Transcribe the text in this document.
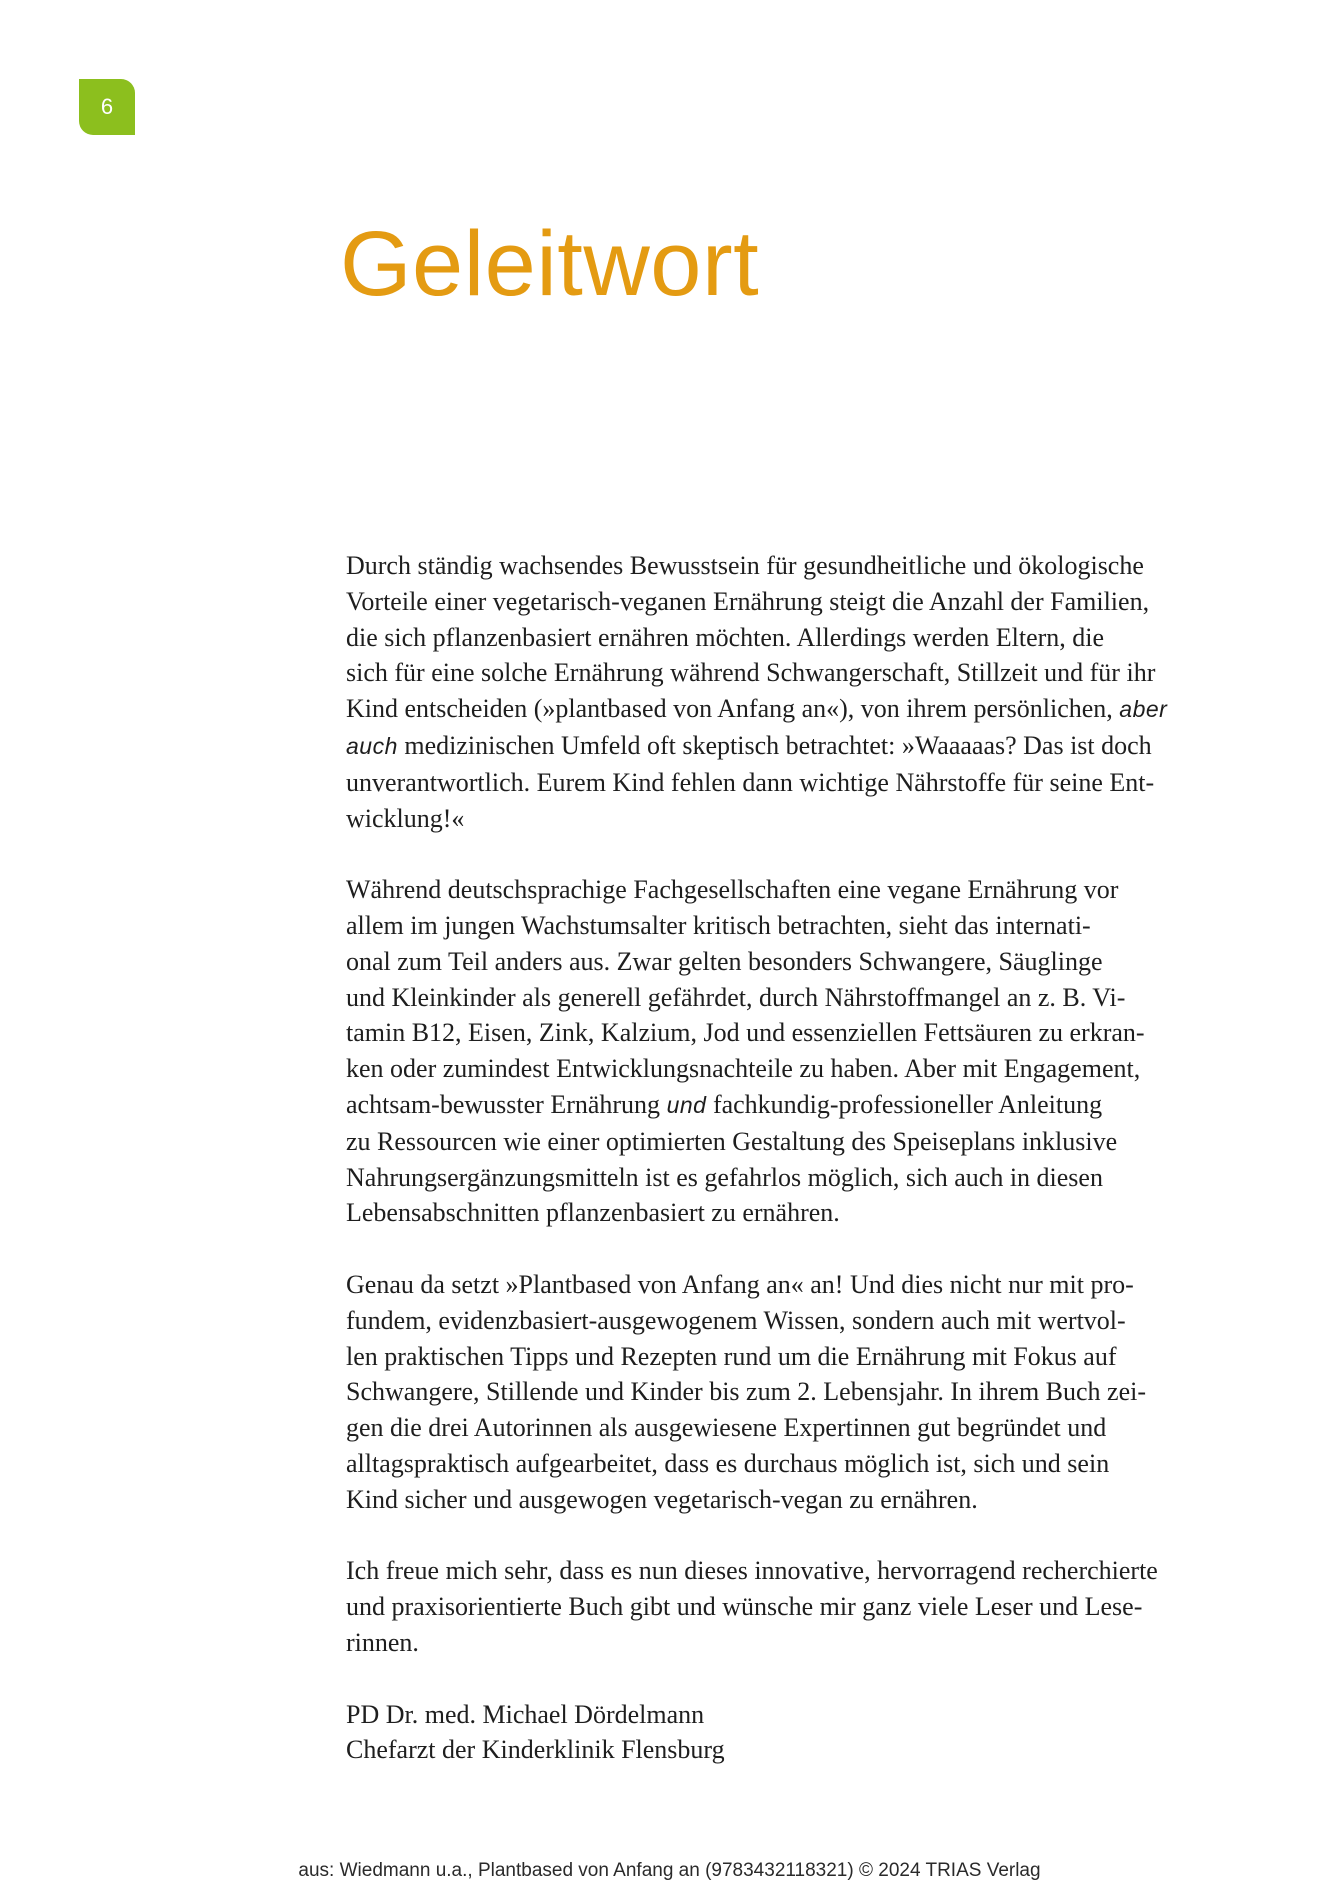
6
Geleitwort

Durch ständig wachsendes Bewusstsein für gesundheitliche und ökologische
Vorteile einer vegetarisch-veganen Ernährung steigt die Anzahl der Familien,
die sich pflanzenbasiert ernähren möchten. Allerdings werden Eltern, die
sich für eine solche Ernährung während Schwangerschaft, Stillzeit und für ihr
Kind entscheiden (»plantbased von Anfang an«), von ihrem persönlichen, aber
auch medizinischen Umfeld oft skeptisch betrachtet: »Waaaaas? Das ist doch
unverantwortlich. Eurem Kind fehlen dann wichtige Nährstoffe für seine Ent-
wicklung!«

Während deutschsprachige Fachgesellschaften eine vegane Ernährung vor
allem im jungen Wachstumsalter kritisch betrachten, sieht das internati-
onal zum Teil anders aus. Zwar gelten besonders Schwangere, Säuglinge
und Kleinkinder als generell gefährdet, durch Nährstoffmangel an z. B. Vi-
tamin B12, Eisen, Zink, Kalzium, Jod und essenziellen Fettsäuren zu erkran-
ken oder zumindest Entwicklungsnachteile zu haben. Aber mit Engagement,
achtsam-bewusster Ernährung und fachkundig-professioneller Anleitung
zu Ressourcen wie einer optimierten Gestaltung des Speiseplans inklusive
Nahrungsergänzungsmitteln ist es gefahrlos möglich, sich auch in diesen
Lebensabschnitten pflanzenbasiert zu ernähren.

Genau da setzt »Plantbased von Anfang an« an! Und dies nicht nur mit pro-
fundem, evidenzbasiert-ausgewogenem Wissen, sondern auch mit wertvol-
len praktischen Tipps und Rezepten rund um die Ernährung mit Fokus auf
Schwangere, Stillende und Kinder bis zum 2. Lebensjahr. In ihrem Buch zei-
gen die drei Autorinnen als ausgewiesene Expertinnen gut begründet und
alltagspraktisch aufgearbeitet, dass es durchaus möglich ist, sich und sein
Kind sicher und ausgewogen vegetarisch-vegan zu ernähren.

Ich freue mich sehr, dass es nun dieses innovative, hervorragend recherchierte
und praxisorientierte Buch gibt und wünsche mir ganz viele Leser und Lese-
rinnen.

PD Dr. med. Michael Dördelmann
Chefarzt der Kinderklinik Flensburg

aus: Wiedmann u.a., Plantbased von Anfang an (9783432118321) © 2024 TRIAS Verlag
